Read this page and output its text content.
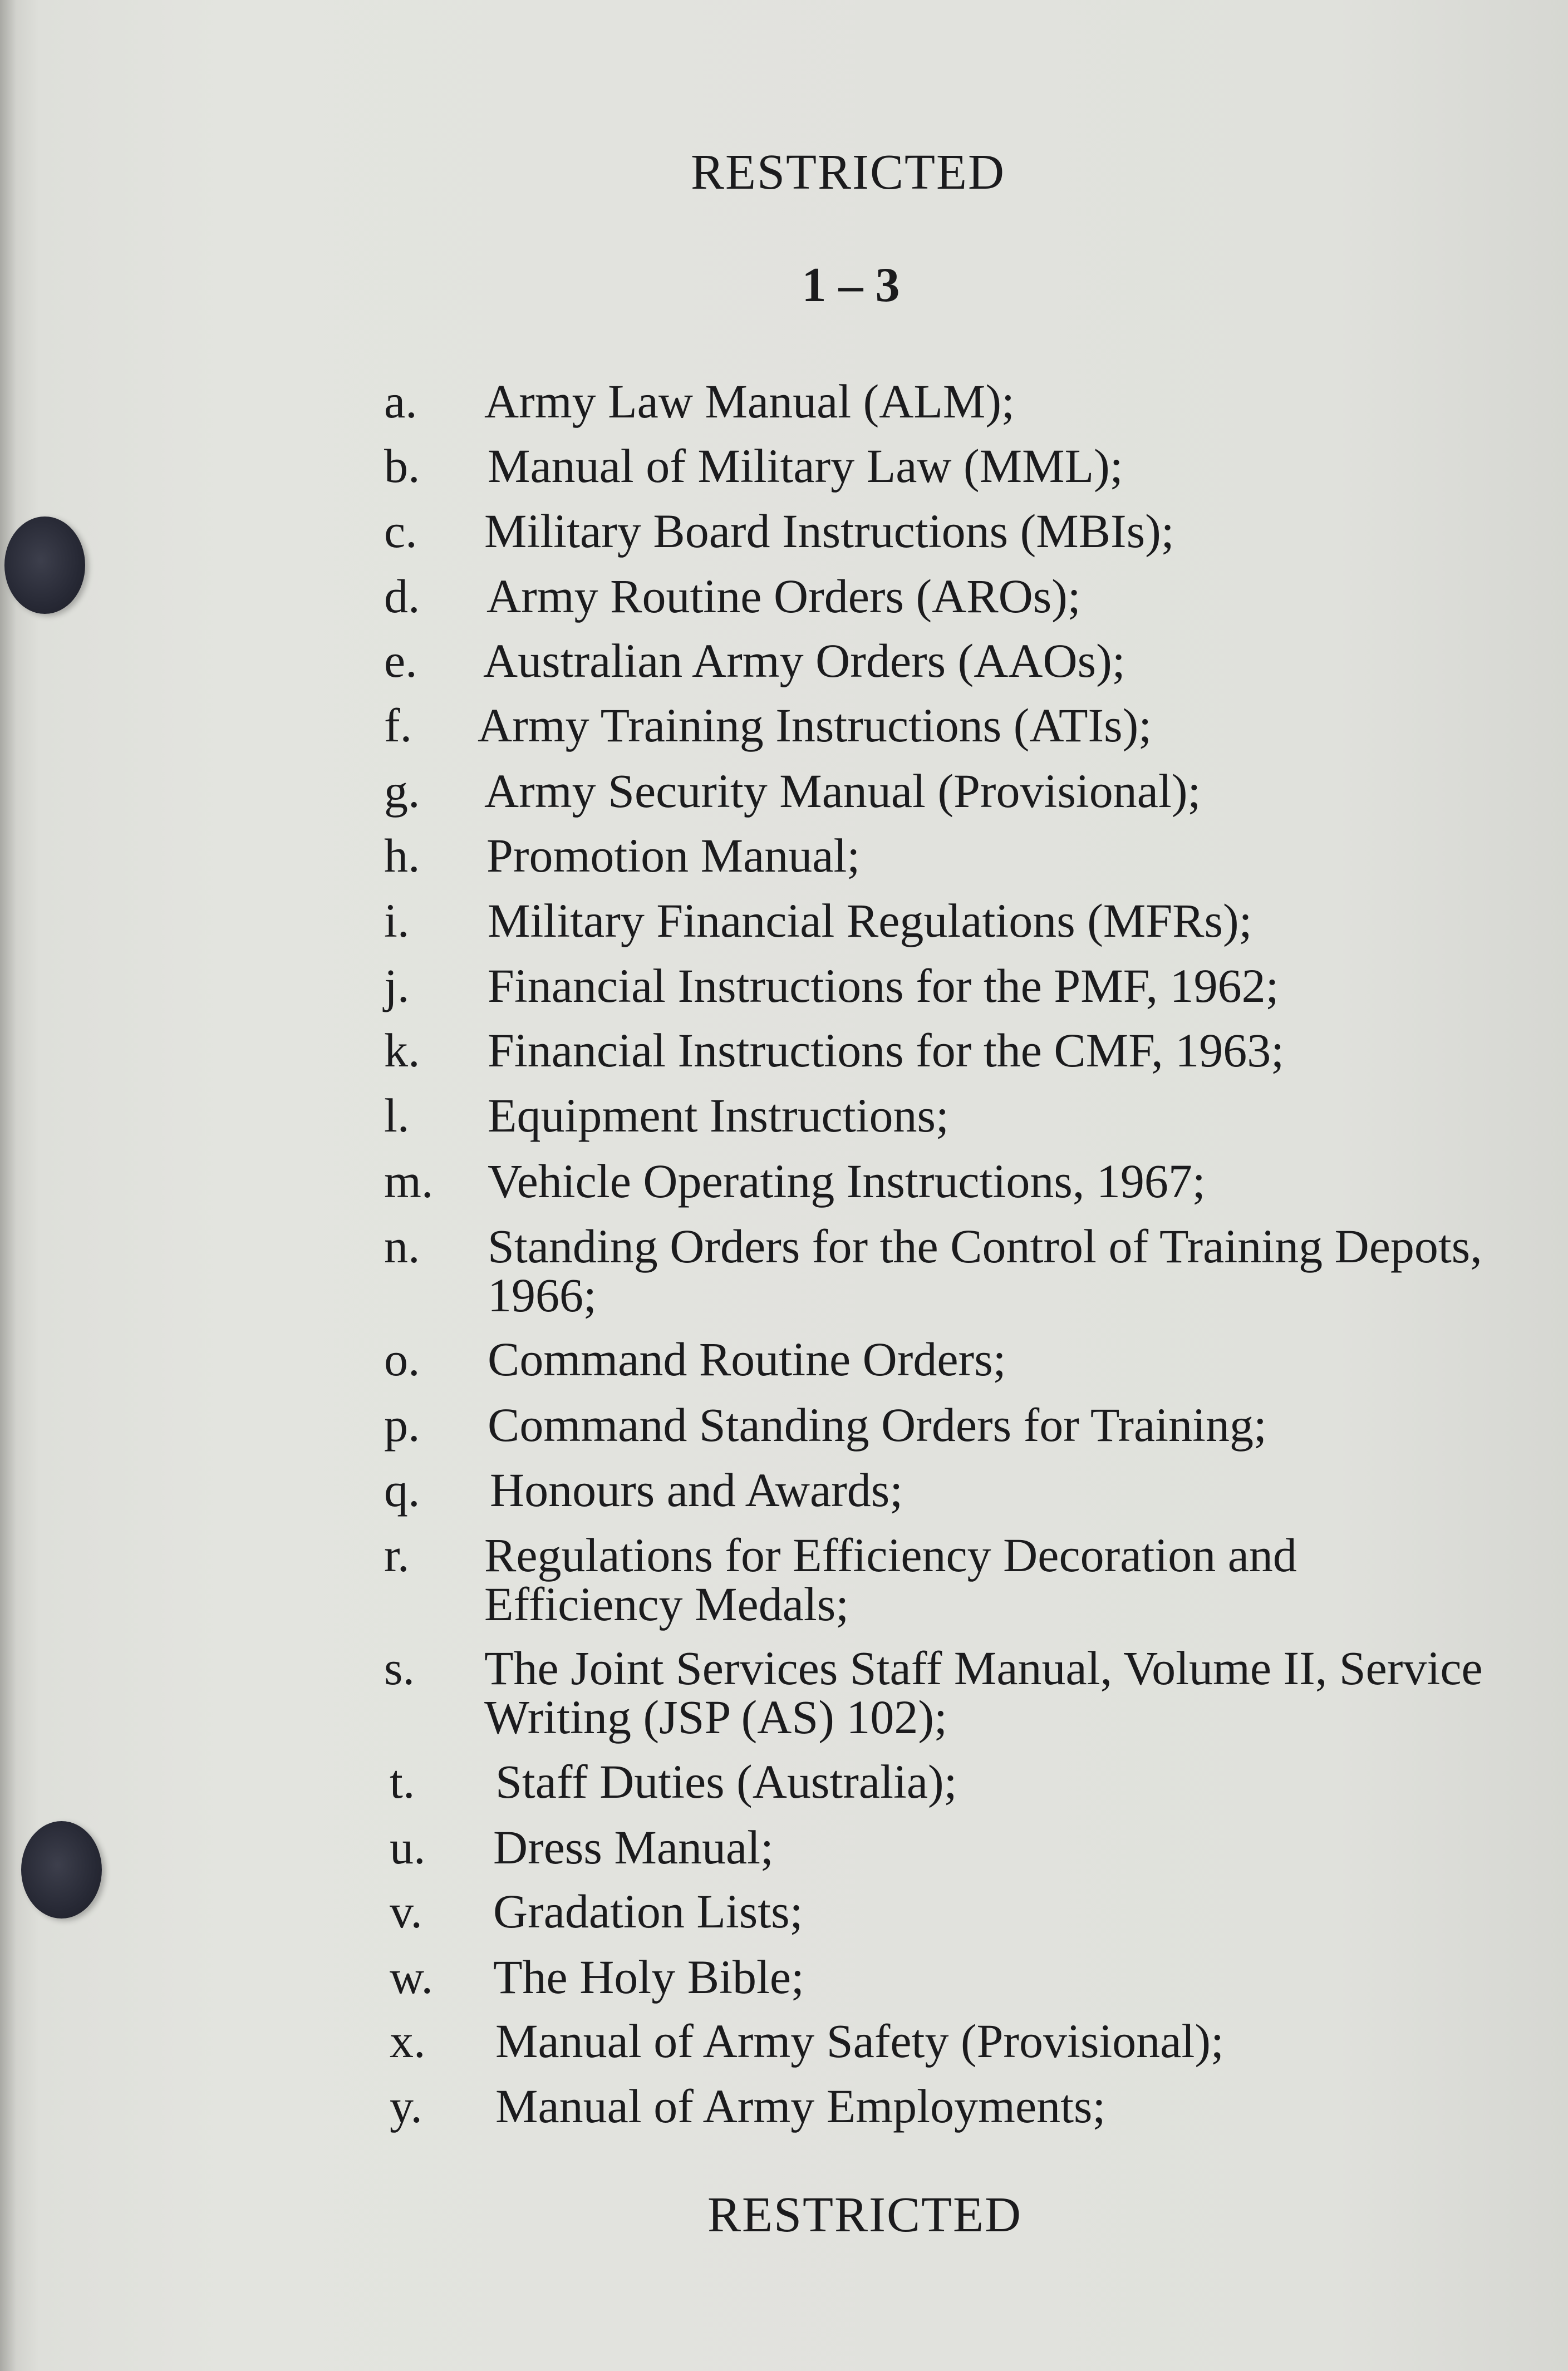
RESTRICTED
1 – 3
a. Army Law Manual (ALM);
b. Manual of Military Law (MML);
c. Military Board Instructions (MBIs);
d. Army Routine Orders (AROs);
e. Australian Army Orders (AAOs);
f. Army Training Instructions (ATIs);
g. Army Security Manual (Provisional);
h. Promotion Manual;
i. Military Financial Regulations (MFRs);
j. Financial Instructions for the PMF, 1962;
k. Financial Instructions for the CMF, 1963;
l. Equipment Instructions;
m. Vehicle Operating Instructions, 1967;
n. Standing Orders for the Control of Training Depots, 1966;
o. Command Routine Orders;
p. Command Standing Orders for Training;
q. Honours and Awards;
r. Regulations for Efficiency Decoration and Efficiency Medals;
s. The Joint Services Staff Manual, Volume II, Service Writing (JSP (AS) 102);
t. Staff Duties (Australia);
u. Dress Manual;
v. Gradation Lists;
w. The Holy Bible;
x. Manual of Army Safety (Provisional);
y. Manual of Army Employments;
RESTRICTED
